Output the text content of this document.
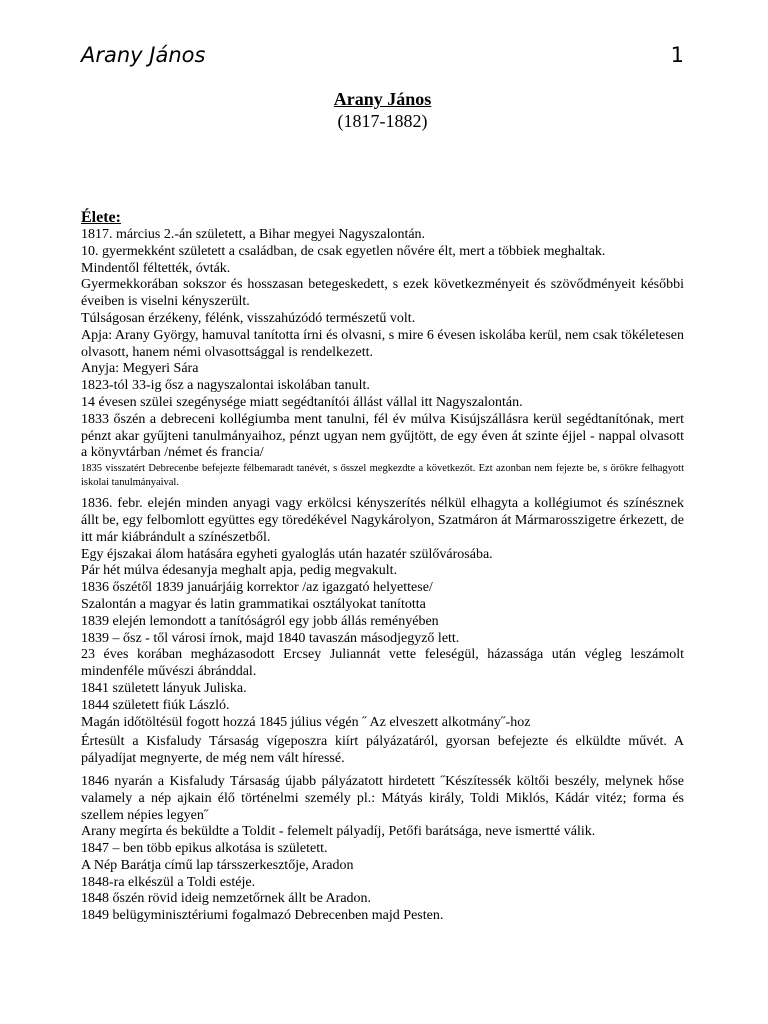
Arany János	1
Arany János

(1817-1882)

Élete:

1817. március 2.-án született, a Bihar megyei Nagyszalontán.

10. gyermekként született a családban, de csak egyetlen nővére élt, mert a többiek meghaltak.

Mindentől féltették, óvták.

Gyermekkorában sokszor és hosszasan betegeskedett, s ezek következményeit és szövődményeit későbbi éveiben is viselni kényszerült.

Túlságosan érzékeny, félénk, visszahúzódó természetű volt.

Apja: Arany György, hamuval tanította írni és olvasni, s mire 6 évesen iskolába kerül, nem csak tökéletesen olvasott, hanem némi olvasottsággal is rendelkezett.

Anyja: Megyeri Sára

1823-tól 33-ig ősz a nagyszalontai iskolában tanult.

14 évesen szülei szegénysége miatt segédtanítói állást vállal itt Nagyszalontán.

1833 őszén a debreceni kollégiumba ment tanulni, fél év múlva Kisújszállásra kerül segédtanítónak, mert pénzt akar gyűjteni tanulmányaihoz, pénzt ugyan nem gyűjtött, de egy éven át szinte éjjel - nappal olvasott a könyvtárban /német és francia/

1835 visszatért Debrecenbe befejezte félbemaradt tanévét, s ősszel megkezdte a következőt. Ezt azonban nem fejezte be, s örökre felhagyott iskolai tanulmányaival.

1836. febr. elején minden anyagi vagy erkölcsi kényszerítés nélkül elhagyta a kollégiumot és színésznek állt be, egy felbomlott együttes egy töredékével Nagykárolyon, Szatmáron át Mármarosszigetre érkezett, de itt már kiábrándult a színészetből.

Egy éjszakai álom hatására egyheti gyaloglás után hazatér szülővárosába.

Pár hét múlva édesanyja meghalt apja, pedig megvakult.

1836 őszétől 1839 januárjáig korrektor /az igazgató helyettese/

Szalontán a magyar és latin grammatikai osztályokat tanította

1839 elején lemondott a tanítóságról egy jobb állás reményében

1839 – ősz - től városi írnok, majd 1840 tavaszán másodjegyző lett.

23 éves korában megházasodott Ercsey Juliannát vette feleségül, házassága után végleg leszámolt mindenféle művészi ábránddal.

1841 született lányuk Juliska.

1844 született fiúk László.

Magán időtöltésül fogott hozzá 1845 július végén ˝ Az elveszett alkotmány˝-hoz

Értesült a Kisfaludy Társaság vígeposzra kiírt pályázatáról, gyorsan befejezte és elküldte művét. A pályadíjat megnyerte, de még nem vált híressé.

1846 nyarán a Kisfaludy Társaság újabb pályázatott hirdetett ˝Készítessék költői beszély, melynek hőse valamely a nép ajkain élő történelmi személy pl.: Mátyás király, Toldi Miklós, Kádár vitéz; forma és szellem népies legyen˝

Arany megírta és beküldte a Toldit - felemelt pályadíj, Petőfi barátsága, neve ismertté válik.

1847 – ben több epikus alkotása is született.

A Nép Barátja című lap társszerkesztője, Aradon

1848-ra elkészül a Toldi estéje.

1848 őszén rövid ideig nemzetőrnek állt be Aradon.

1849 belügyminisztériumi fogalmazó Debrecenben majd Pesten.
